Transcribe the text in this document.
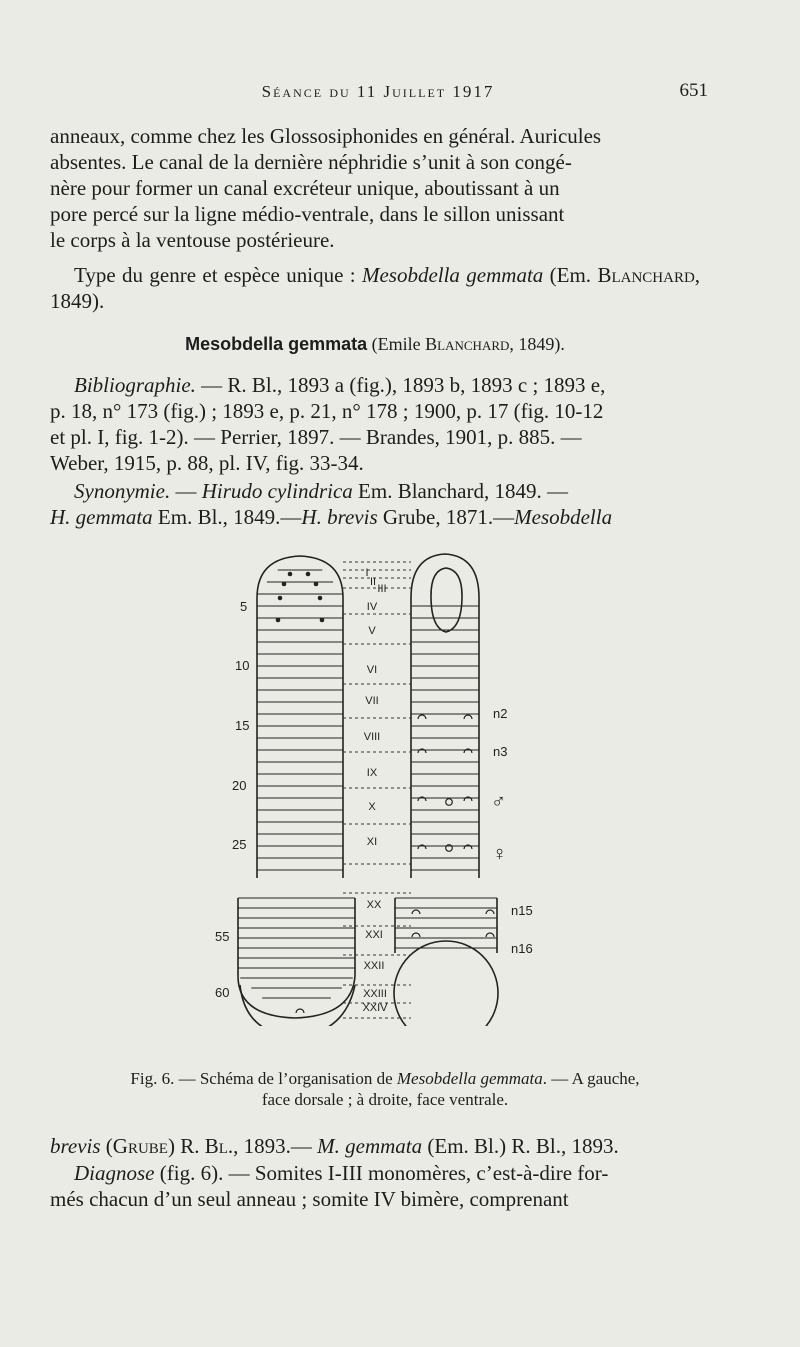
Séance du 11 Juillet 1917	651

anneaux, comme chez les Glossosiphonides en général. Auricules

absentes. Le canal de la dernière néphridie s’unit à son congé-

nère pour former un canal excréteur unique, aboutissant à un

pore percé sur la ligne médio-ventrale, dans le sillon unissant

le corps à la ventouse postérieure.

Type du genre et espèce unique : Mesobdella gemmata (Em. Blanchard, 1849).

Mesobdella gemmata (Emile Blanchard, 1849).

Bibliographie. — R. Bl., 1893 a (fig.), 1893 b, 1893 c ; 1893 e,

p. 18, n° 173 (fig.) ; 1893 e, p. 21, n° 178 ; 1900, p. 17 (fig. 10-12

et pl. I, fig. 1-2). — Perrier, 1897. — Brandes, 1901, p. 885. —

Weber, 1915, p. 88, pl. IV, fig. 33-34.

Synonymie. — Hirudo cylindrica Em. Blanchard, 1849. —

H. gemmata Em. Bl., 1849.—H. brevis Grube, 1871.—Mesobdella

5
10
15
20
25
55
60
I
II
III
IV
V
VI
VII
VIII
IX
X
XI
XX
XXI
XXII
XXIII
XXIV
n2
n3
♂
♀
n15
n16
Fig. 6. — Schéma de l’organisation de Mesobdella gemmata. — A gauche,
face dorsale ; à droite, face ventrale.

brevis (Grube) R. Bl., 1893.— M. gemmata (Em. Bl.) R. Bl., 1893.

Diagnose (fig. 6). — Somites I-III monomères, c’est-à-dire for-

més chacun d’un seul anneau ; somite IV bimère, comprenant
